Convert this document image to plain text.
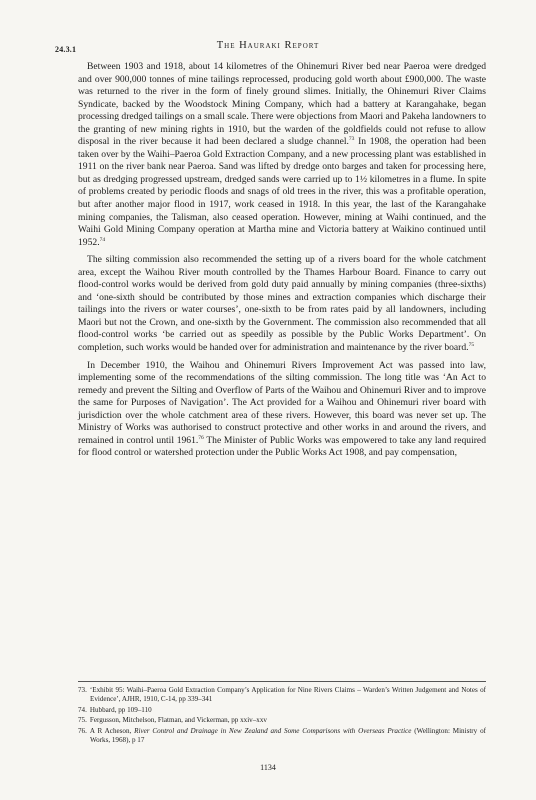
24.3.1	The Hauraki Report

Between 1903 and 1918, about 14 kilometres of the Ohinemuri River bed near Paeroa were dredged and over 900,000 tonnes of mine tailings reprocessed, producing gold worth about £900,000. The waste was returned to the river in the form of finely ground slimes. Initially, the Ohinemuri River Claims Syndicate, backed by the Woodstock Mining Company, which had a battery at Karangahake, began processing dredged tailings on a small scale. There were objections from Maori and Pakeha landowners to the granting of new mining rights in 1910, but the warden of the goldfields could not refuse to allow disposal in the river because it had been declared a sludge channel.$^{73}$ In 1908, the operation had been taken over by the Waihi–Paeroa Gold Extraction Company, and a new processing plant was established in 1911 on the river bank near Paeroa. Sand was lifted by dredge onto barges and taken for processing here, but as dredging progressed upstream, dredged sands were carried up to 1½ kilometres in a flume. In spite of problems created by periodic floods and snags of old trees in the river, this was a profitable operation, but after another major flood in 1917, work ceased in 1918. In this year, the last of the Karangahake mining companies, the Talisman, also ceased operation. However, mining at Waihi continued, and the Waihi Gold Mining Company operation at Martha mine and Victoria battery at Waikino continued until 1952.74

The silting commission also recommended the setting up of a rivers board for the whole catchment area, except the Waihou River mouth controlled by the Thames Harbour Board. Finance to carry out flood-control works would be derived from gold duty paid annually by mining companies (three-sixths) and ‘one-sixth should be contributed by those mines and extraction companies which discharge their tailings into the rivers or water courses’, one-sixth to be from rates paid by all landowners, including Maori but not the Crown, and one-sixth by the Government. The commission also recommended that all flood-control works ‘be carried out as speedily as possible by the Public Works Department’. On completion, such works would be handed over for administration and maintenance by the river board.$^{75}$

In December 1910, the Waihou and Ohinemuri Rivers Improvement Act was passed into law, implementing some of the recommendations of the silting commission. The long title was ‘An Act to remedy and prevent the Silting and Overflow of Parts of the Waihou and Ohinemuri River and to improve the same for Purposes of Navigation’. The Act provided for a Waihou and Ohinemuri river board with jurisdiction over the whole catchment area of these rivers. However, this board was never set up. The Ministry of Works was authorised to construct protective and other works in and around the rivers, and remained in control until 1961.76 The Minister of Public Works was empowered to take any land required for flood control or watershed protection under the Public Works Act 1908, and pay compensation,

73. ‘Exhibit 95: Waihi–Paeroa Gold Extraction Company’s Application for Nine Rivers Claims – Warden’s Written Judgement and Notes of Evidence’, AJHR, 1910, C-14, pp 339–341
74. Hubbard, pp 109–110
75. Fergusson, Mitchelson, Flatman, and Vickerman, pp xxiv–xxv
76. A R Acheson, River Control and Drainage in New Zealand and Some Comparisons with Overseas Practice (Wellington: Ministry of Works, 1968), p 17
1134
